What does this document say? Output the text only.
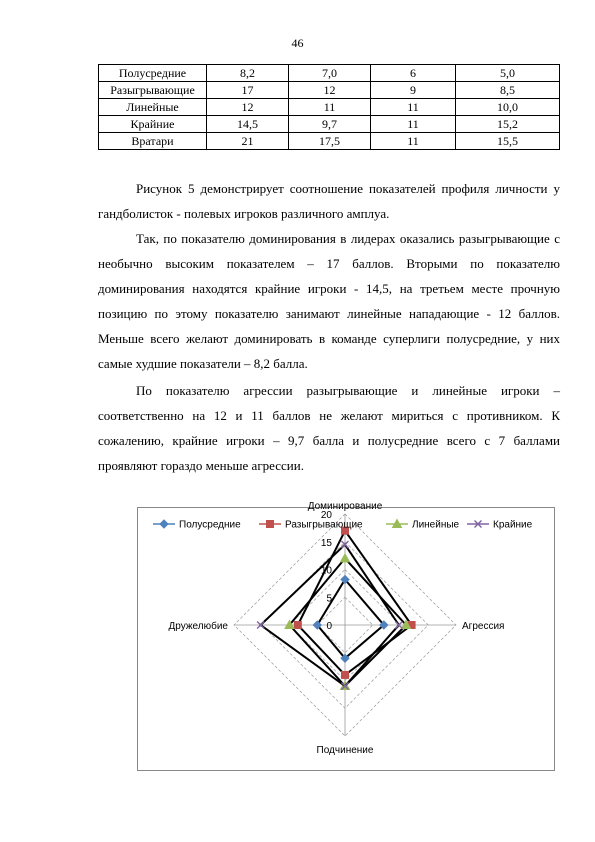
46
Полусредние	8,2	7,0	6	5,0
Разыгрывающие	17	12	9	8,5
Линейные	12	11	11	10,0
Крайние	14,5	9,7	11	15,2
Вратари	21	17,5	11	15,5

Рисунок 5 демонстрирует соотношение показателей профиля личности у гандболисток - полевых игроков различного амплуа.

Так, по показателю доминирования в лидерах оказались разыгрывающие с необычно высоким показателем – 17 баллов. Вторыми по показателю доминирования находятся крайние игроки - 14,5, на третьем месте прочную позицию по этому показателю занимают линейные нападающие - 12 баллов. Меньше всего желают доминировать в команде суперлиги полусредние, у них самые худшие показатели – 8,2 балла.

По показателю агрессии разыгрывающие и линейные игроки – соответственно на 12 и 11 баллов не желают мириться с противником. К сожалению, крайние игроки – 9,7 балла и полусредние всего с 7 баллами проявляют гораздо меньше агрессии.

0
5
10
15
20
Доминирование
Агрессия
Подчинение
Дружелюбие
Полусредние	Разыгрывающие	Линейные	Крайние
